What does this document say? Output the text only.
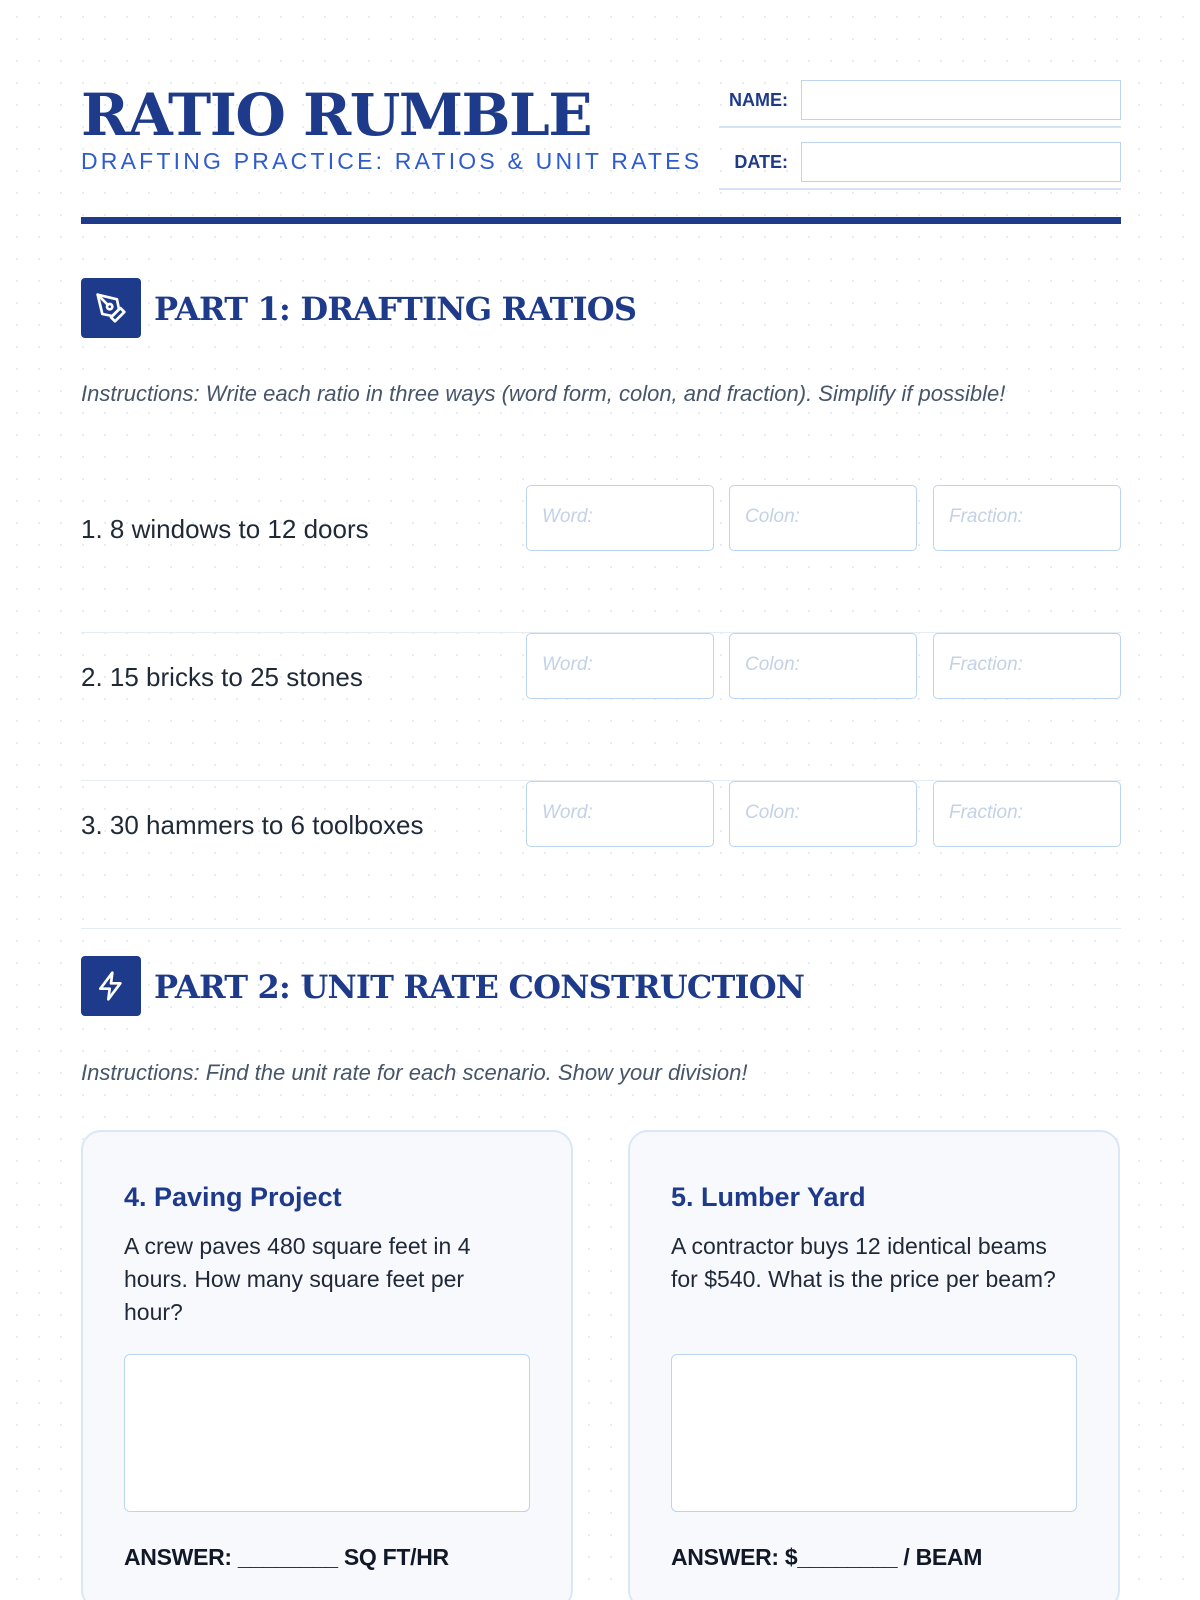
RATIO RUMBLE
DRAFTING PRACTICE: RATIOS & UNIT RATES
NAME:
DATE:
PART 1: DRAFTING RATIOS
Instructions: Write each ratio in three ways (word form, colon, and fraction). Simplify if possible!
1. 8 windows to 12 doors	Word:	Colon:	Fraction:
2. 15 bricks to 25 stones	Word:	Colon:	Fraction:
3. 30 hammers to 6 toolboxes	Word:	Colon:	Fraction:
PART 2: UNIT RATE CONSTRUCTION
Instructions: Find the unit rate for each scenario. Show your division!
4. Paving Project
A crew paves 480 square feet in 4 hours. How many square feet per hour?
ANSWER: ________ SQ FT/HR
5. Lumber Yard
A contractor buys 12 identical beams for $540. What is the price per beam?
ANSWER: $________ / BEAM
